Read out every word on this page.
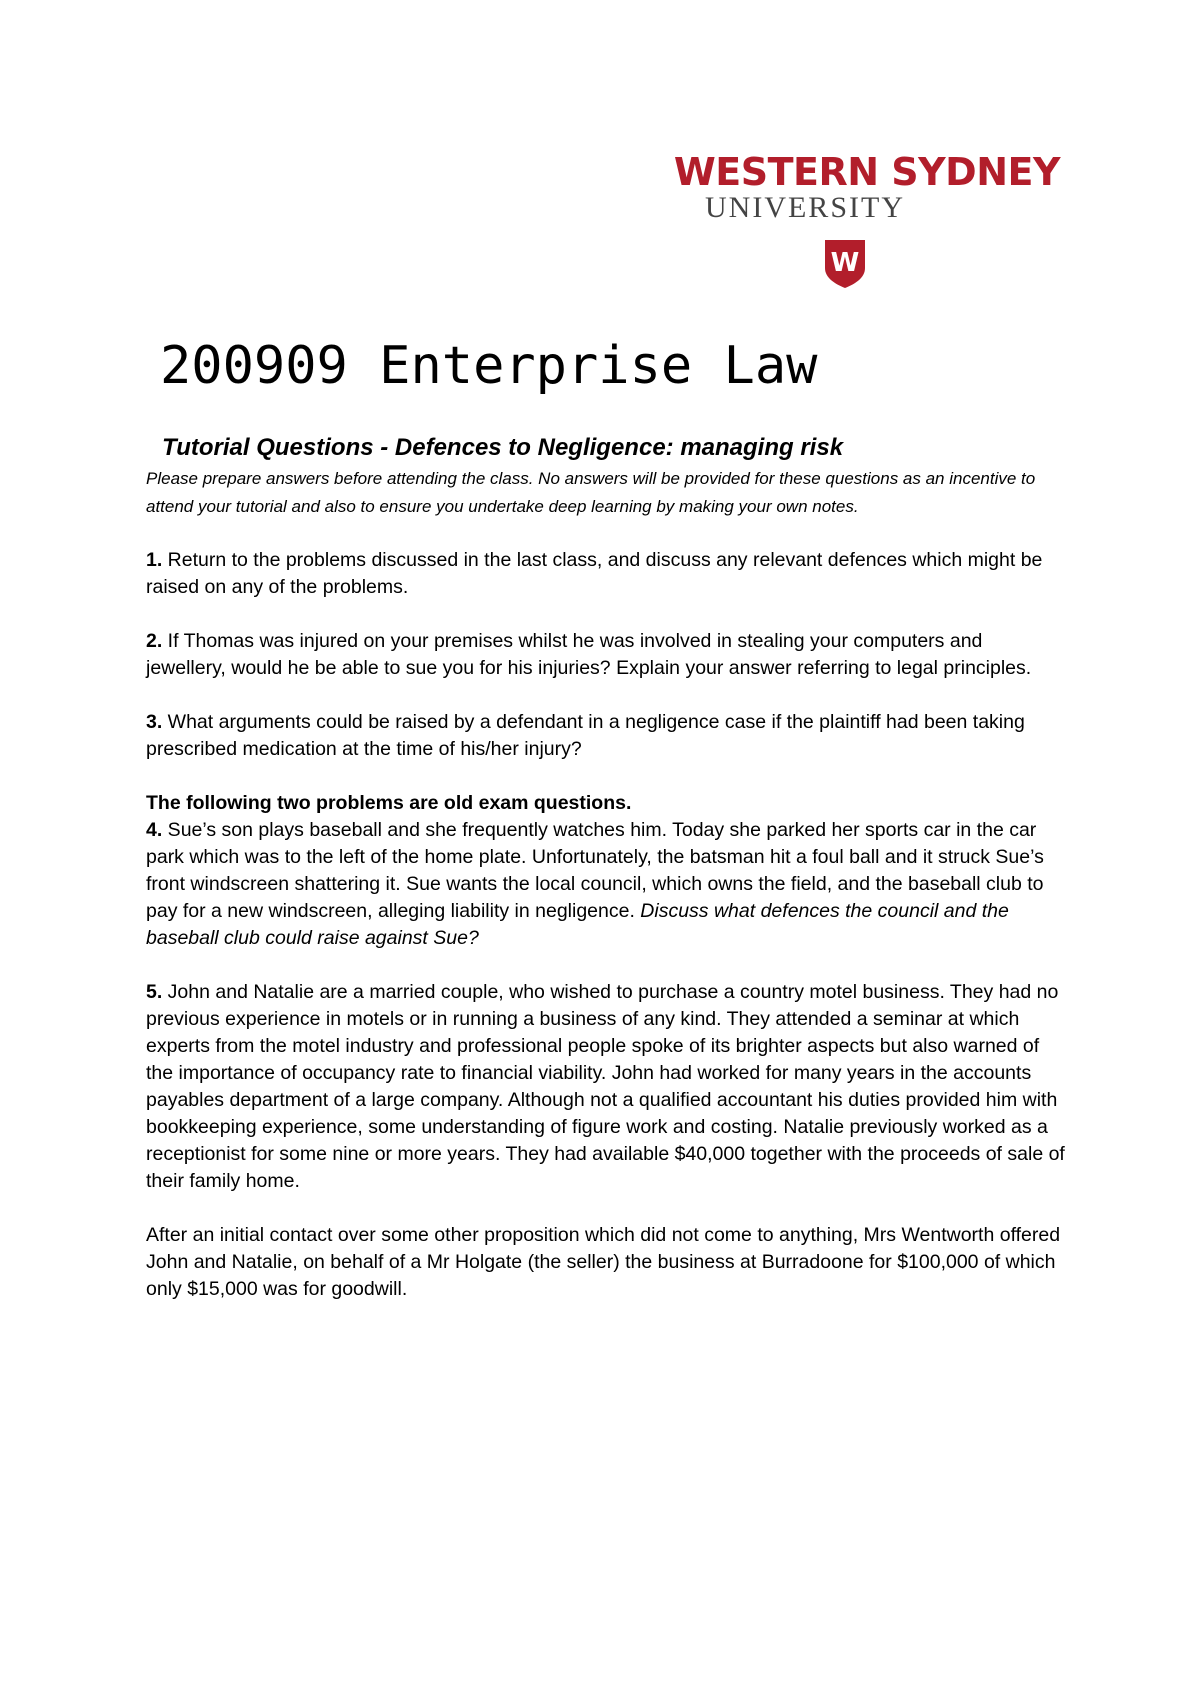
WESTERN SYDNEY
UNIVERSITY
W
200909 Enterprise Law
Tutorial Questions - Defences to Negligence: managing risk
Please prepare answers before attending the class. No answers will be provided for these questions as an incentive to attend your tutorial and also to ensure you undertake deep learning by making your own notes.
1. Return to the problems discussed in the last class, and discuss any relevant defences which might be raised on any of the problems.
2. If Thomas was injured on your premises whilst he was involved in stealing your computers and jewellery, would he be able to sue you for his injuries? Explain your answer referring to legal principles.
3. What arguments could be raised by a defendant in a negligence case if the plaintiff had been taking prescribed medication at the time of his/her injury?
The following two problems are old exam questions.
4. Sue’s son plays baseball and she frequently watches him. Today she parked her sports car in the car park which was to the left of the home plate. Unfortunately, the batsman hit a foul ball and it struck Sue’s front windscreen shattering it. Sue wants the local council, which owns the field, and the baseball club to pay for a new windscreen, alleging liability in negligence. Discuss what defences the council and the baseball club could raise against Sue?
5. John and Natalie are a married couple, who wished to purchase a country motel business. They had no previous experience in motels or in running a business of any kind. They attended a seminar at which experts from the motel industry and professional people spoke of its brighter aspects but also warned of the importance of occupancy rate to financial viability. John had worked for many years in the accounts payables department of a large company. Although not a qualified accountant his duties provided him with bookkeeping experience, some understanding of figure work and costing. Natalie previously worked as a receptionist for some nine or more years. They had available $40,000 together with the proceeds of sale of their family home.
After an initial contact over some other proposition which did not come to anything, Mrs Wentworth offered John and Natalie, on behalf of a Mr Holgate (the seller) the business at Burradoone for $100,000 of which only $15,000 was for goodwill.
